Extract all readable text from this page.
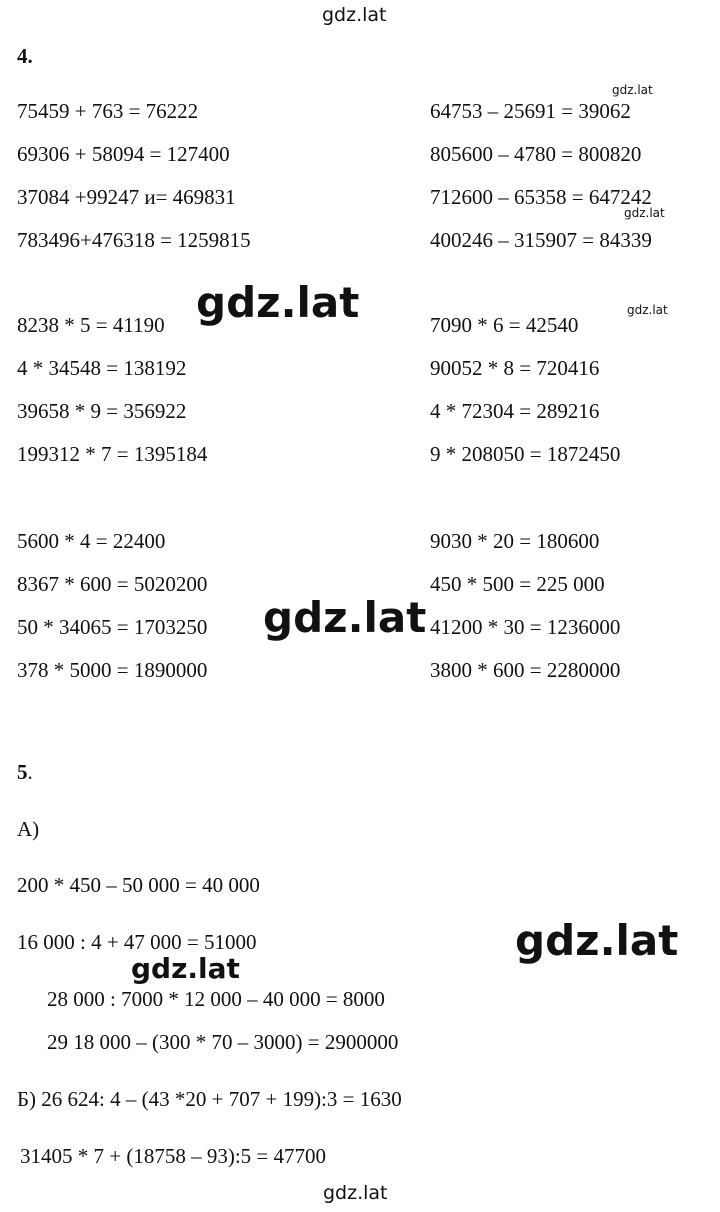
gdz.lat
gdz.lat
4.
75459 + 763 = 76222
69306 + 58094 = 127400
37084 +99247 и= 469831
783496+476318 = 1259815
64753 – 25691 = 39062
805600 – 4780 = 800820
712600 – 65358 = 647242
400246 – 315907 = 84339
gdz.lat
gdz.lat
8238 * 5 = 41190
4 * 34548 = 138192
39658 * 9 = 356922
199312 * 7 = 1395184
7090 * 6 = 42540
90052 * 8 = 720416
4 * 72304 = 289216
9 * 208050 = 1872450
gdz.lat	gdz.lat
5600 * 4 = 22400
8367 * 600 = 5020200
50 * 34065 = 1703250
378 * 5000 = 1890000
9030 * 20 = 180600
450 * 500 = 225 000
41200 * 30 = 1236000
3800 * 600 = 2280000
gdz.lat
5.
А)
200 * 450 – 50 000 = 40 000
16 000 : 4 + 47 000 = 51000
28 000 : 7000 * 12 000 – 40 000 = 8000
29 18 000 – (300 * 70 – 3000) = 2900000
gdz.lat
gdz.lat
Б) 26 624: 4 – (43 *20 + 707 + 199):3 = 1630
31405 * 7 + (18758 – 93):5 = 47700
